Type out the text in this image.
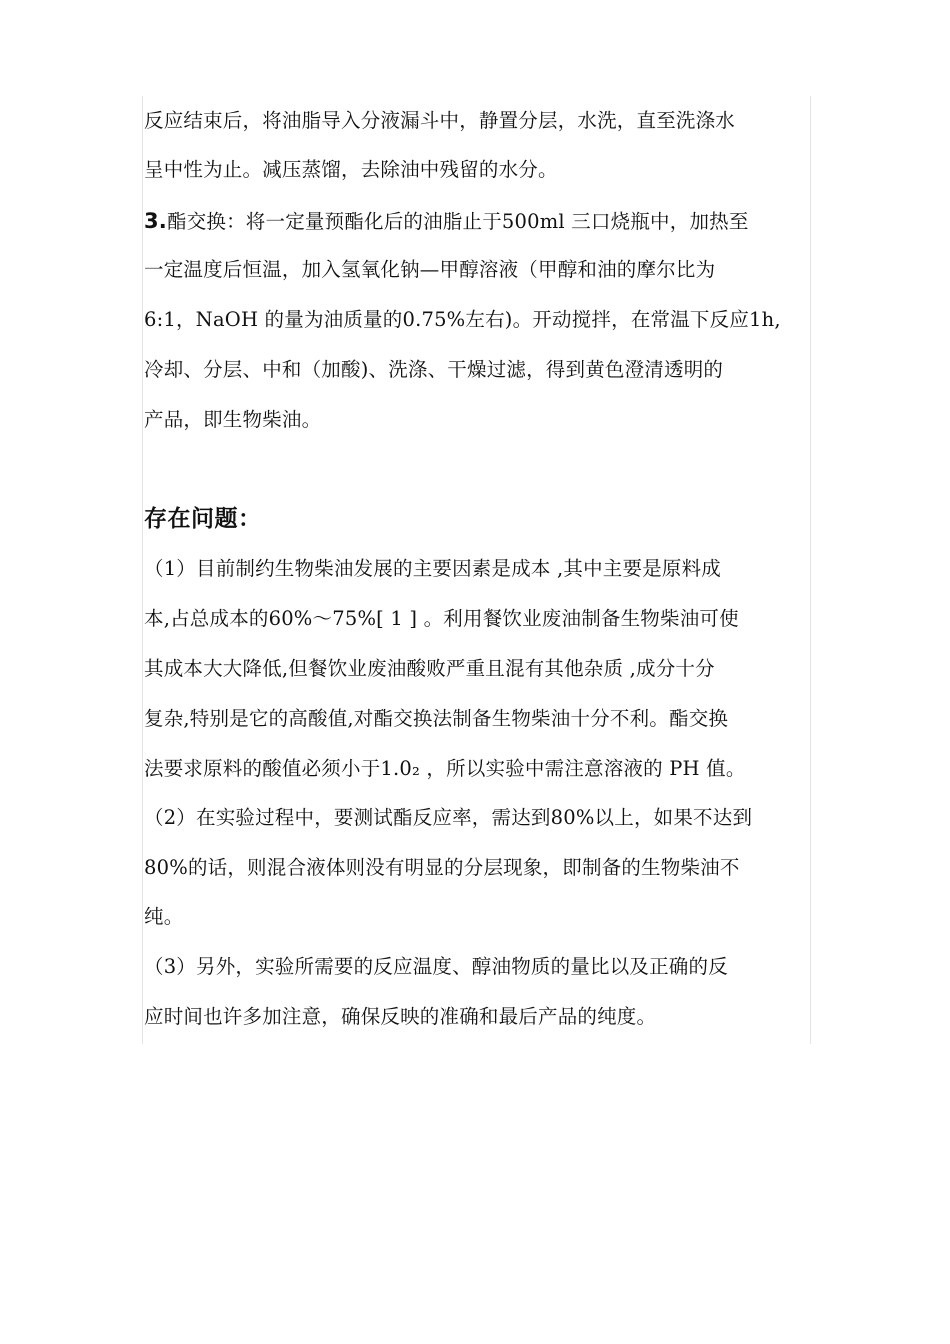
反应结束后，将油脂导入分液漏斗中，静置分层，水洗，直至洗涤水
呈中性为止。减压蒸馏，去除油中残留的水分。
3.酯交换：将一定量预酯化后的油脂止于500ml 三口烧瓶中，加热至
一定温度后恒温，加入氢氧化钠—甲醇溶液（甲醇和油的摩尔比为
6:1，NaOH 的量为油质量的0.75%左右)。开动搅拌，在常温下反应1h,
冷却、分层、中和（加酸)、洗涤、干燥过滤，得到黄色澄清透明的
产品，即生物柴油。
存在问题：
（1）目前制约生物柴油发展的主要因素是成本 ,其中主要是原料成
本,占总成本的60%～75%[ 1 ] 。利用餐饮业废油制备生物柴油可使
其成本大大降低,但餐饮业废油酸败严重且混有其他杂质 ,成分十分
复杂,特别是它的高酸值,对酯交换法制备生物柴油十分不利。酯交换
法要求原料的酸值必须小于1.0₂ ，所以实验中需注意溶液的 PH 值。
（2）在实验过程中，要测试酯反应率，需达到80%以上，如果不达到
80%的话，则混合液体则没有明显的分层现象，即制备的生物柴油不
纯。
（3）另外，实验所需要的反应温度、醇油物质的量比以及正确的反
应时间也许多加注意，确保反映的准确和最后产品的纯度。
